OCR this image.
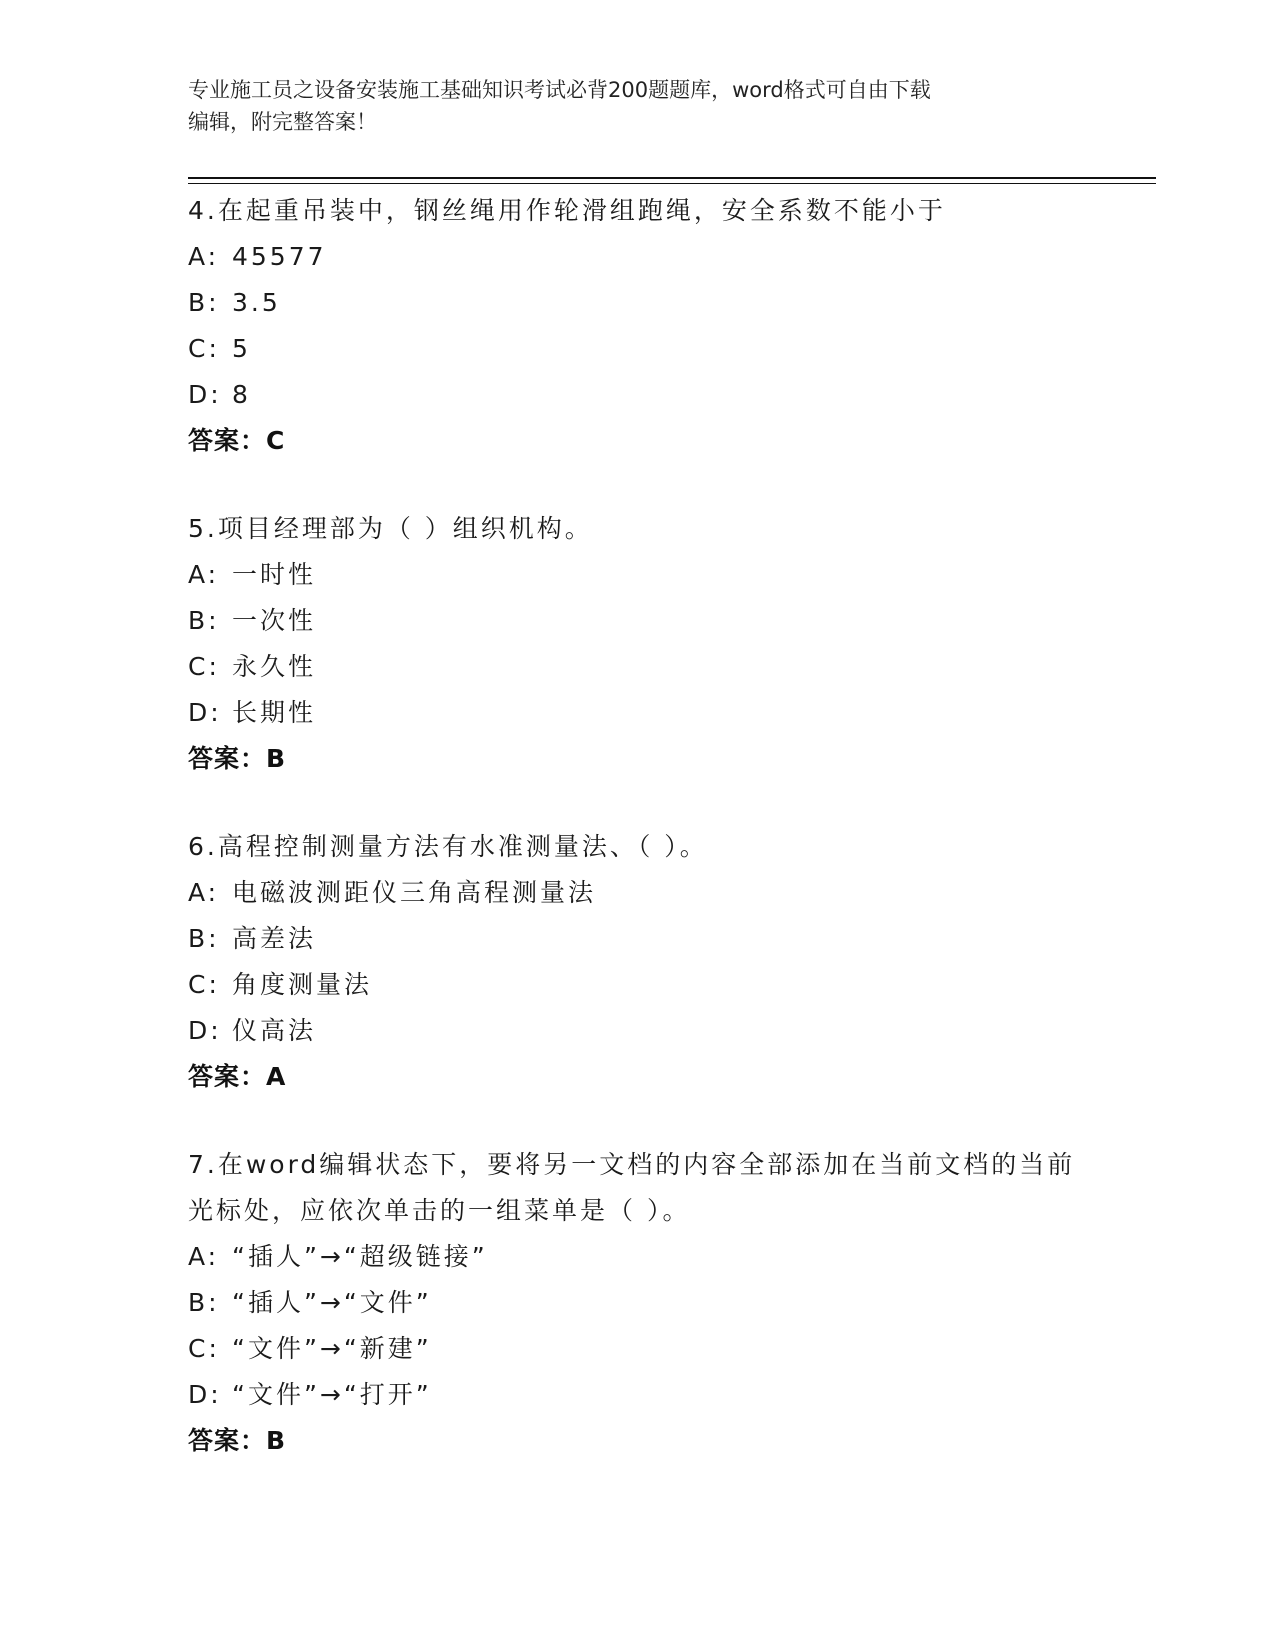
专业施工员之设备安装施工基础知识考试必背200题题库，word格式可自由下载
编辑，附完整答案！
4.在起重吊装中，钢丝绳用作轮滑组跑绳，安全系数不能小于
A: 45577
B: 3.5
C: 5
D: 8
答案：C
5.项目经理部为（ ）组织机构。
A: 一时性
B: 一次性
C: 永久性
D: 长期性
答案：B
6.高程控制测量方法有水准测量法、（ ）。
A: 电磁波测距仪三角高程测量法
B: 高差法
C: 角度测量法
D: 仪高法
答案：A
7.在word编辑状态下，要将另一文档的内容全部添加在当前文档的当前光标处，应依次单击的一组菜单是（ ）。
A: “插人”→“超级链接”
B: “插人”→“文件”
C: “文件”→“新建”
D: “文件”→“打开”
答案：B
